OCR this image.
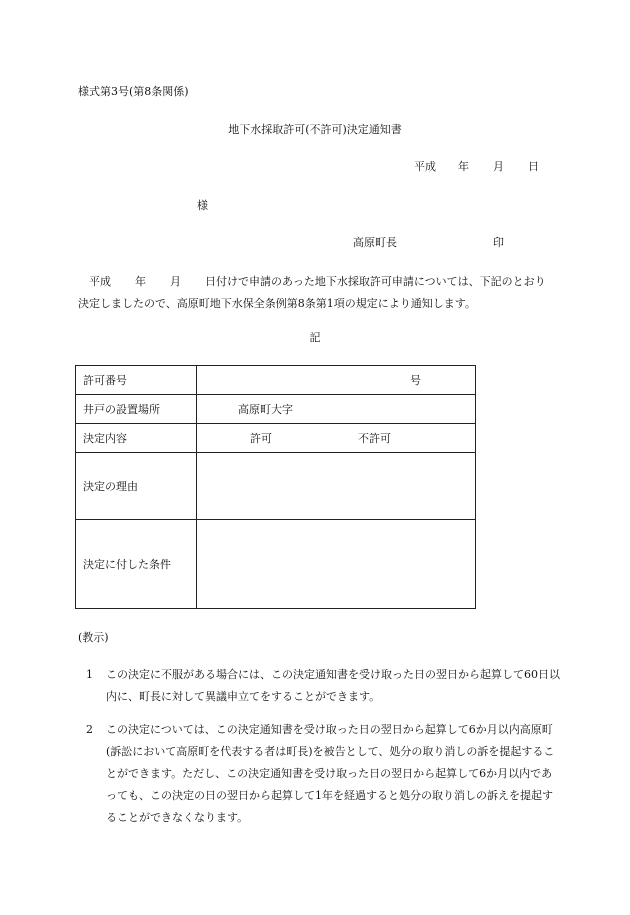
様式第3号(第8条関係)
地下水採取許可(不許可)決定通知書
平成 年 月 日
様
高原町長	印
平成 年 月 日付けで申請のあった地下水採取許可申請については、下記のとおり決定しましたので、高原町地下水保全条例第8条第1項の規定により通知します。
記
許可番号	号
井戸の設置場所	高原町大字
決定内容	許可 不許可
決定の理由	
決定に付した条件	
(教示)
1	この決定に不服がある場合には、この決定通知書を受け取った日の翌日から起算して60日以内に、町長に対して異議申立てをすることができます。
2	この決定については、この決定通知書を受け取った日の翌日から起算して6か月以内高原町(訴訟において高原町を代表する者は町長)を被告として、処分の取り消しの訴を提起することができます。ただし、この決定通知書を受け取った日の翌日から起算して6か月以内であっても、この決定の日の翌日から起算して1年を経過すると処分の取り消しの訴えを提起することができなくなります。
